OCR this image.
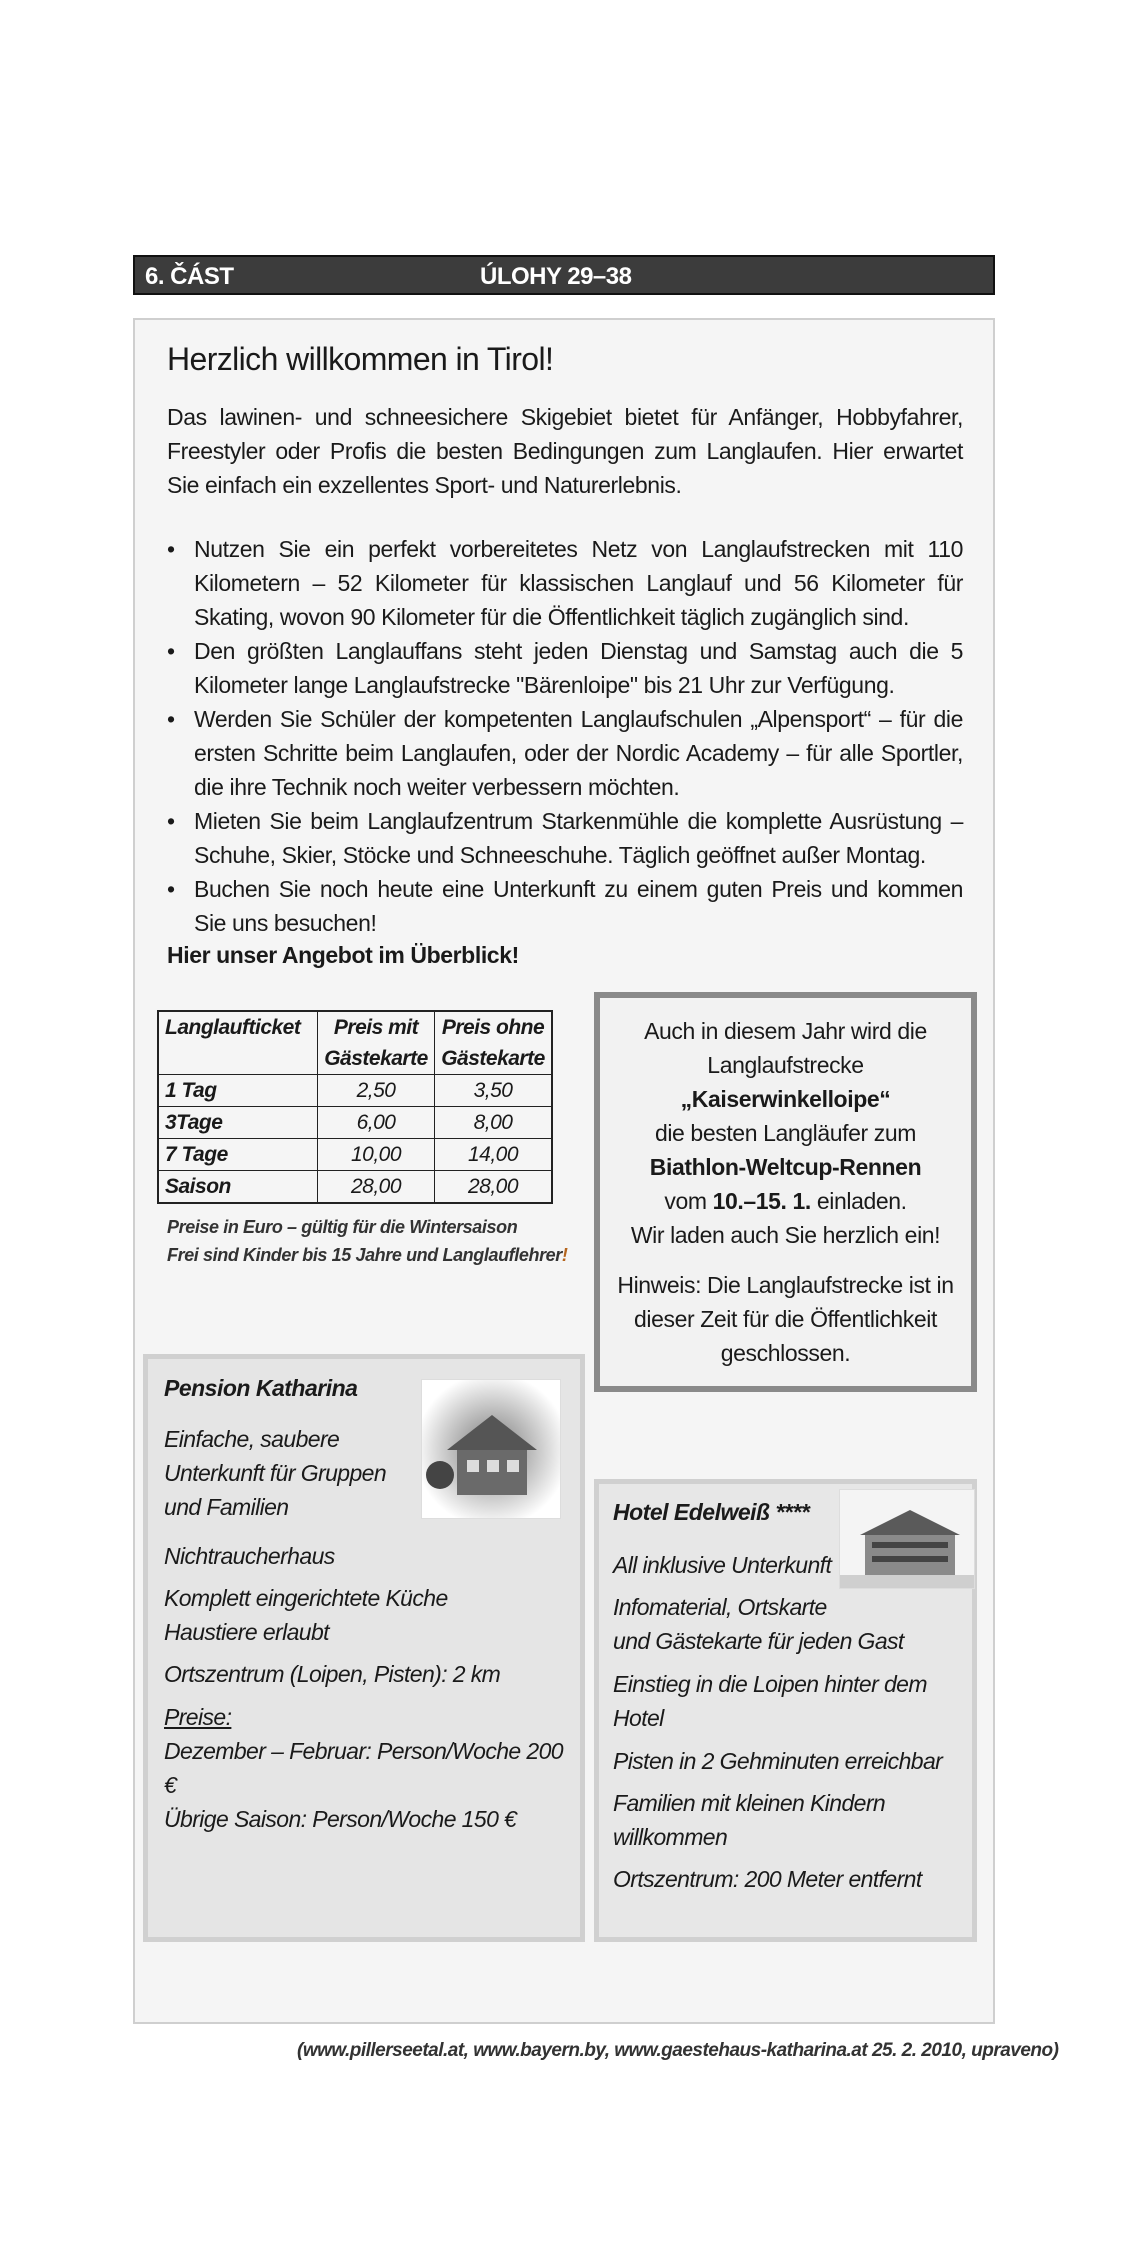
6. ČÁST	ÚLOHY 29–38
Herzlich willkommen in Tirol!
Das lawinen- und schneesichere Skigebiet bietet für Anfänger, Hobbyfahrer, Freestyler oder Profis die besten Bedingungen zum Langlaufen. Hier erwartet Sie einfach ein exzellentes Sport- und Naturerlebnis.
• Nutzen Sie ein perfekt vorbereitetes Netz von Langlaufstrecken mit 110 Kilometern – 52 Kilometer für klassischen Langlauf und 56 Kilometer für Skating, wovon 90 Kilometer für die Öffentlichkeit täglich zugänglich sind.
• Den größten Langlauffans steht jeden Dienstag und Samstag auch die 5 Kilometer lange Langlaufstrecke "Bärenloipe" bis 21 Uhr zur Verfügung.
• Werden Sie Schüler der kompetenten Langlaufschulen „Alpensport“ – für die ersten Schritte beim Langlaufen, oder der Nordic Academy – für alle Sportler, die ihre Technik noch weiter verbessern möchten.
• Mieten Sie beim Langlaufzentrum Starkenmühle die komplette Ausrüstung – Schuhe, Skier, Stöcke und Schneeschuhe. Täglich geöffnet außer Montag.
• Buchen Sie noch heute eine Unterkunft zu einem guten Preis und kommen Sie uns besuchen!
Hier unser Angebot im Überblick!
Langlaufticket	Preis mit Gästekarte	Preis ohne Gästekarte
1 Tag	2,50	3,50
3Tage	6,00	8,00
7 Tage	10,00	14,00
Saison	28,00	28,00
Preise in Euro – gültig für die Wintersaison
Frei sind Kinder bis 15 Jahre und Langlauflehrer!

Auch in diesem Jahr wird die

Langlaufstrecke

„Kaiserwinkelloipe“

die besten Langläufer zum

Biathlon-Weltcup-Rennen

vom 10.–15. 1. einladen.

Wir laden auch Sie herzlich ein!

Hinweis: Die Langlaufstrecke ist in

dieser Zeit für die Öffentlichkeit

geschlossen.

Pension Katharina
Einfache, saubere
Unterkunft für Gruppen
und Familien
Nichtraucherhaus
Komplett eingerichtete Küche
Haustiere erlaubt
Ortszentrum (Loipen, Pisten): 2 km
Preise:
Dezember – Februar: Person/Woche 200 €
Übrige Saison: Person/Woche 150 €
Hotel Edelweiß ****
All inklusive Unterkunft
Infomaterial, Ortskarte
und Gästekarte für jeden Gast
Einstieg in die Loipen hinter dem
Hotel
Pisten in 2 Gehminuten erreichbar
Familien mit kleinen Kindern
willkommen
Ortszentrum: 200 Meter entfernt
(www.pillerseetal.at, www.bayern.by, www.gaestehaus-katharina.at 25. 2. 2010, upraveno)
